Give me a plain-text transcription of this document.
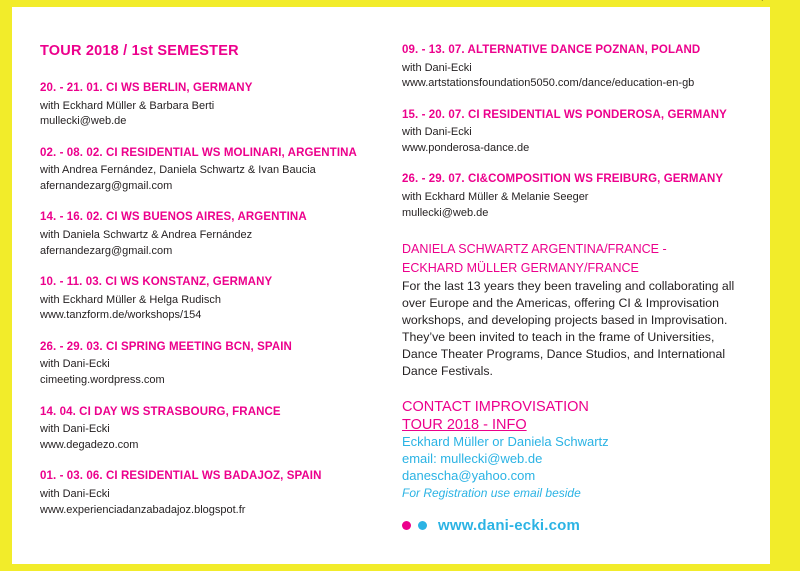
TOUR 2018 / 1st SEMESTER
20. - 21. 01. CI WS BERLIN, GERMANY
with Eckhard Müller & Barbara Berti
mullecki@web.de
02. - 08. 02. CI RESIDENTIAL WS MOLINARI, ARGENTINA
with Andrea Fernández, Daniela Schwartz & Ivan Baucia
afernandezarg@gmail.com
14. - 16. 02. CI WS BUENOS AIRES, ARGENTINA
with Daniela Schwartz & Andrea Fernández
afernandezarg@gmail.com
10. - 11. 03. CI WS KONSTANZ, GERMANY
with Eckhard Müller & Helga Rudisch
www.tanzform.de/workshops/154
26. - 29. 03. CI SPRING MEETING BCN, SPAIN
with Dani-Ecki
cimeeting.wordpress.com
14. 04. CI DAY WS STRASBOURG, FRANCE
with Dani-Ecki
www.degadezo.com
01. - 03. 06. CI RESIDENTIAL WS BADAJOZ, SPAIN
with Dani-Ecki
www.experienciadanzabadajoz.blogspot.fr
09. - 13. 07. ALTERNATIVE DANCE POZNAN, POLAND
with Dani-Ecki
www.artstationsfoundation5050.com/dance/education-en-gb
15. - 20. 07. CI RESIDENTIAL WS PONDEROSA, GERMANY
with Dani-Ecki
www.ponderosa-dance.de
26. - 29. 07. CI&COMPOSITION WS FREIBURG, GERMANY
with Eckhard Müller & Melanie Seeger
mullecki@web.de
DANIELA SCHWARTZ ARGENTINA/FRANCE -
ECKHARD MÜLLER GERMANY/FRANCE
For the last 13 years they been traveling and collaborating all over Europe and the Americas, offering CI & Improvisation workshops, and developing projects based in Improvisation. They’ve been invited to teach in the frame of Universities, Dance Theater Programs, Dance Studios, and International Dance Festivals.
CONTACT IMPROVISATION
TOUR 2018 - INFO
Eckhard Müller or Daniela Schwartz
email: mullecki@web.de
danescha@yahoo.com
For Registration use email beside
www.dani-ecki.com
